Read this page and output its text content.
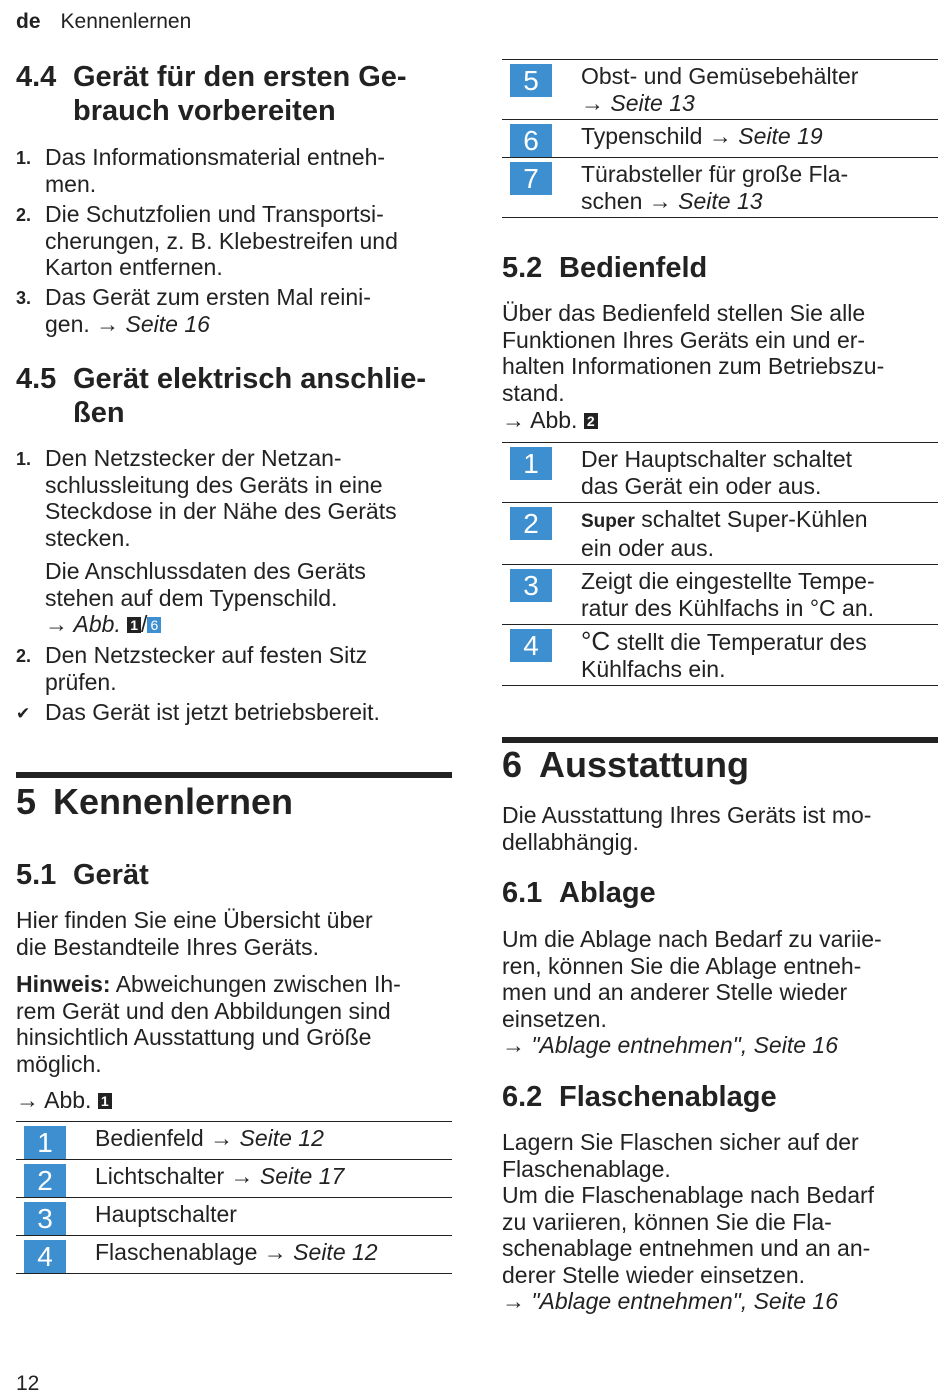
de Kennenlernen
4.4 Gerät für den ersten Ge-
brauch vorbereiten
1. Das Informationsmaterial entneh-
men.
2. Die Schutzfolien und Transportsi-
cherungen, z. B. Klebestreifen und
Karton entfernen.
3. Das Gerät zum ersten Mal reini-
gen. → Seite 16
4.5 Gerät elektrisch anschlie-
ßen
1. Den Netzstecker der Netzan-
schlussleitung des Geräts in eine
Steckdose in der Nähe des Geräts
stecken.
Die Anschlussdaten des Geräts
stehen auf dem Typenschild.
→ Abb. 1 / 6
2. Den Netzstecker auf festen Sitz
prüfen.
✔ Das Gerät ist jetzt betriebsbereit.
5 Kennenlernen
5.1 Gerät
Hier finden Sie eine Übersicht über
die Bestandteile Ihres Geräts.
Hinweis: Abweichungen zwischen Ih-
rem Gerät und den Abbildungen sind
hinsichtlich Ausstattung und Größe
möglich.
→ Abb. 1
1	Bedienfeld → Seite 12
2	Lichtschalter → Seite 17
3	Hauptschalter
4	Flaschenablage → Seite 12
5	Obst- und Gemüsebehälter
→ Seite 13
6	Typenschild → Seite 19
7	Türabsteller für große Fla-
schen → Seite 13
5.2 Bedienfeld
Über das Bedienfeld stellen Sie alle
Funktionen Ihres Geräts ein und er-
halten Informationen zum Betriebszu-
stand.
→ Abb. 2
1	Der Hauptschalter schaltet
das Gerät ein oder aus.
2	Super schaltet Super-Kühlen
ein oder aus.
3	Zeigt die eingestellte Tempe-
ratur des Kühlfachs in °C an.
4	°C stellt die Temperatur des
Kühlfachs ein.
6 Ausstattung
Die Ausstattung Ihres Geräts ist mo-
dellabhängig.
6.1 Ablage
Um die Ablage nach Bedarf zu variie-
ren, können Sie die Ablage entneh-
men und an anderer Stelle wieder
einsetzen.
→ "Ablage entnehmen", Seite 16
6.2 Flaschenablage
Lagern Sie Flaschen sicher auf der
Flaschenablage.
Um die Flaschenablage nach Bedarf
zu variieren, können Sie die Fla-
schenablage entnehmen und an an-
derer Stelle wieder einsetzen.
→ "Ablage entnehmen", Seite 16
12
